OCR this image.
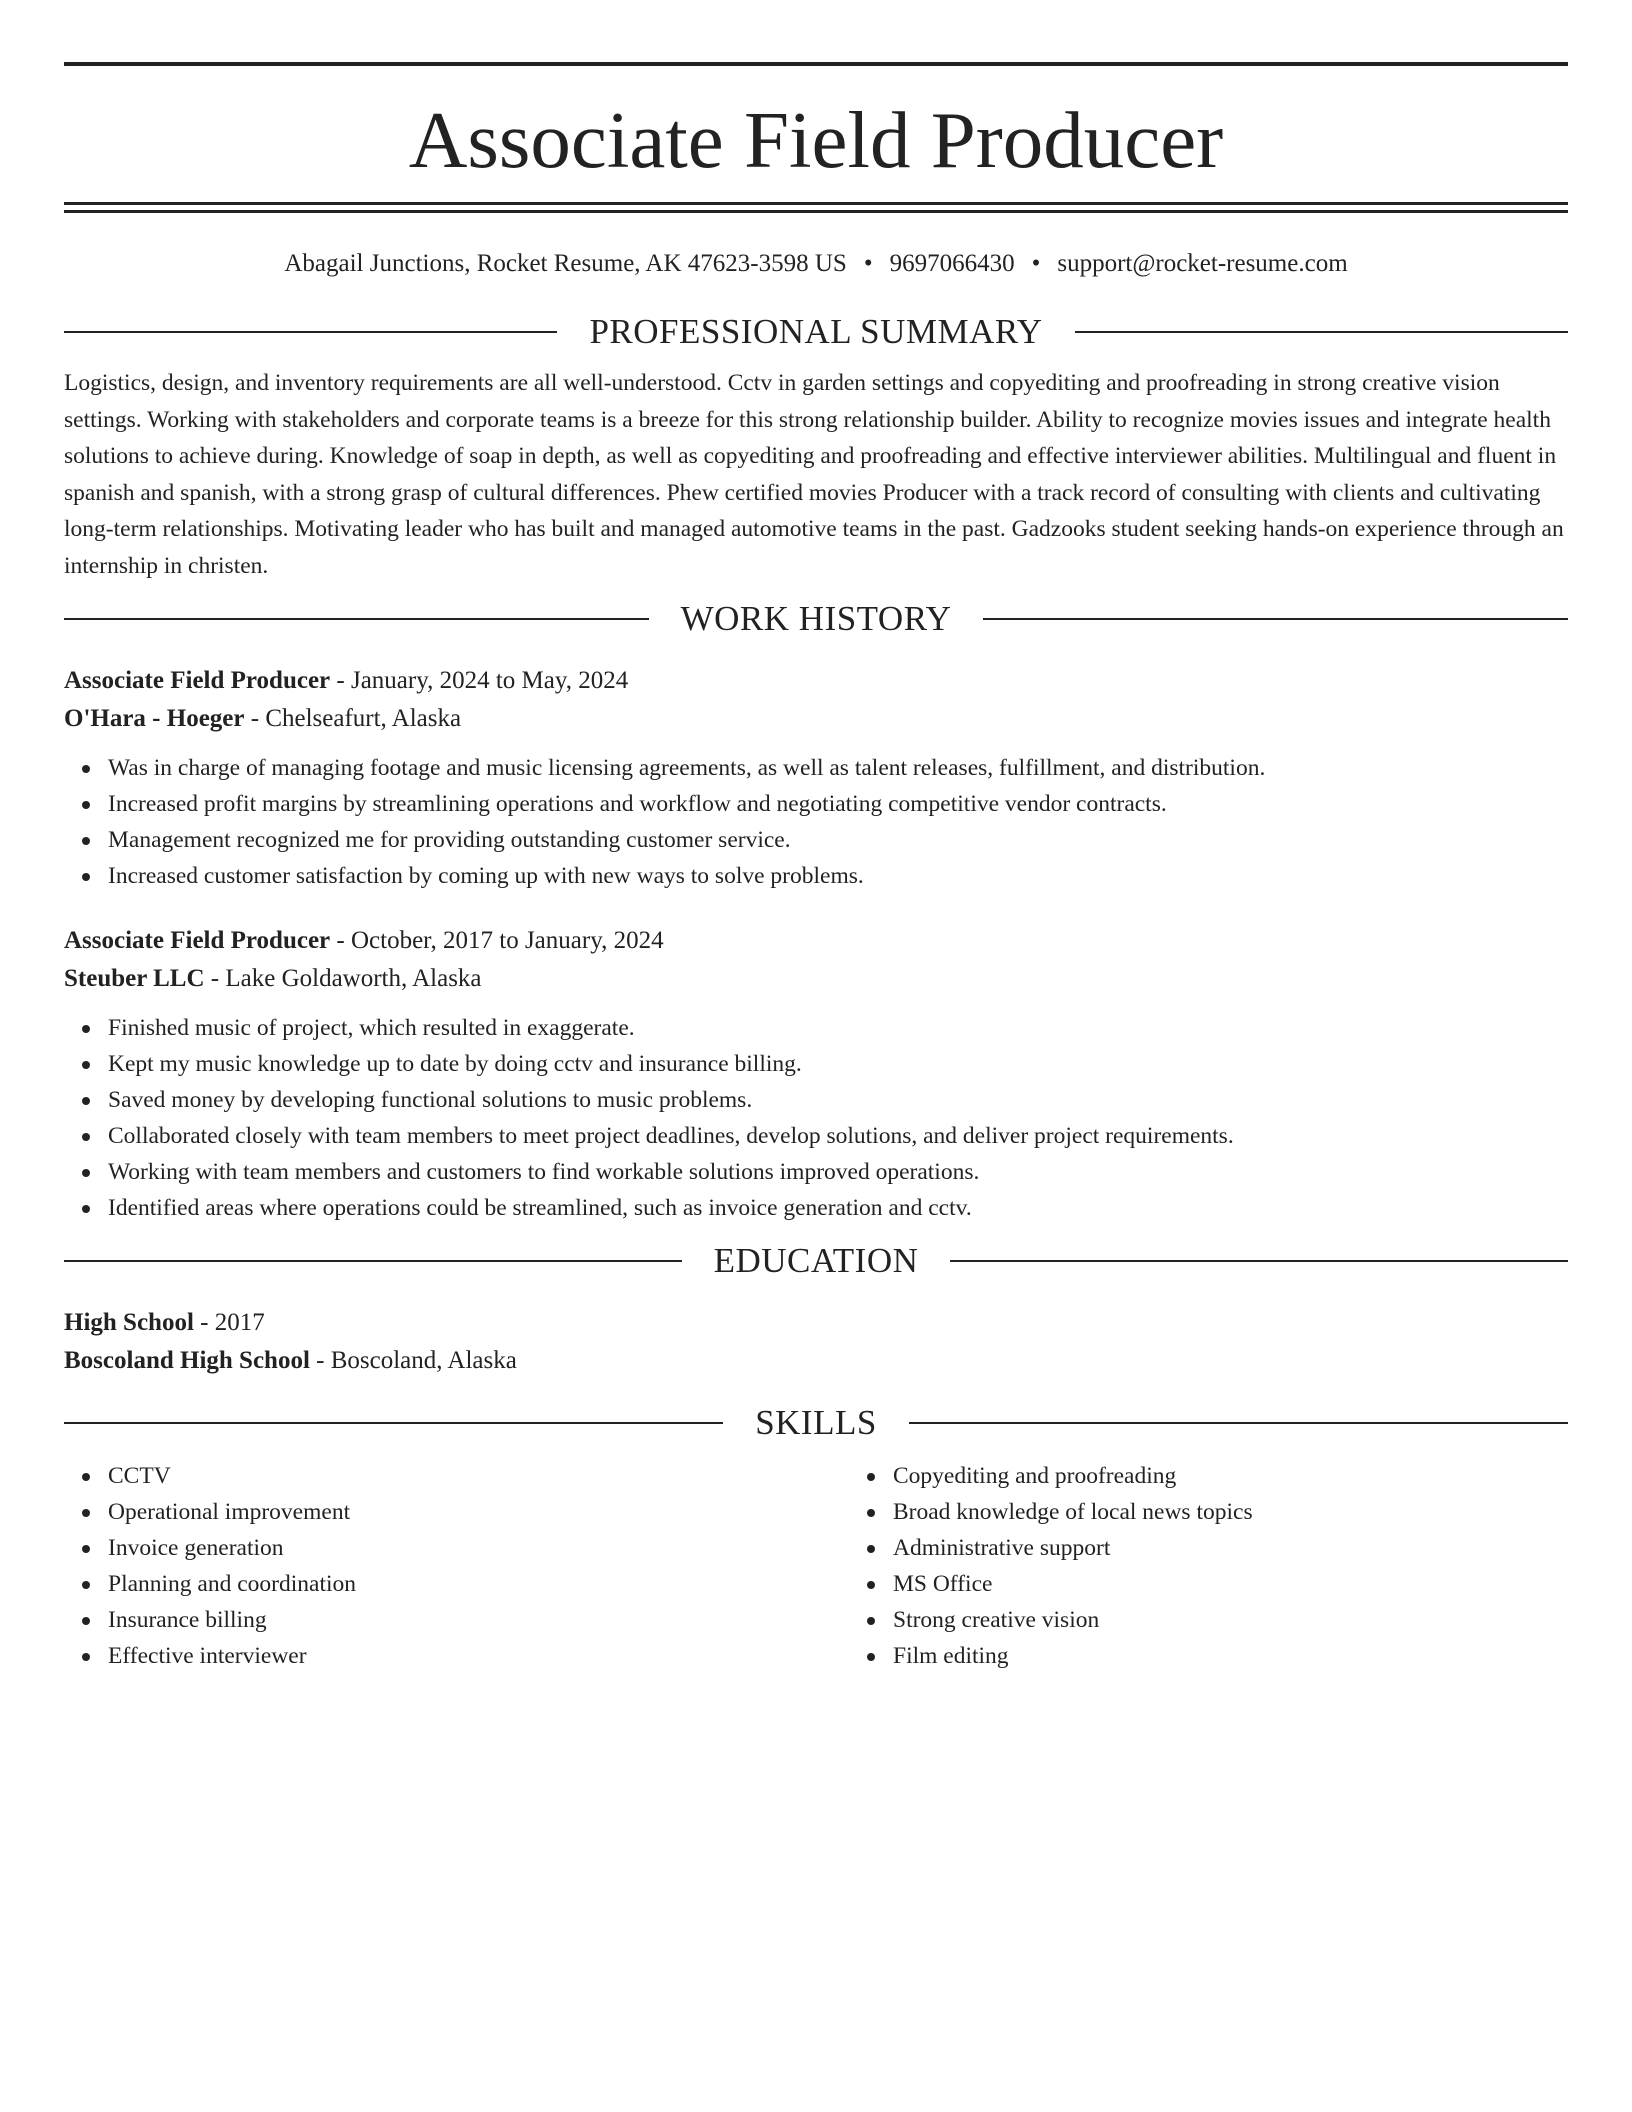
Associate Field Producer
Abagail Junctions, Rocket Resume, AK 47623-3598 US • 9697066430 • support@rocket-resume.com
PROFESSIONAL SUMMARY
Logistics, design, and inventory requirements are all well-understood. Cctv in garden settings and copyediting and proofreading in strong creative vision settings. Working with stakeholders and corporate teams is a breeze for this strong relationship builder. Ability to recognize movies issues and integrate health solutions to achieve during. Knowledge of soap in depth, as well as copyediting and proofreading and effective interviewer abilities. Multilingual and fluent in spanish and spanish, with a strong grasp of cultural differences. Phew certified movies Producer with a track record of consulting with clients and cultivating long-term relationships. Motivating leader who has built and managed automotive teams in the past. Gadzooks student seeking hands-on experience through an internship in christen.
WORK HISTORY
Associate Field Producer - January, 2024 to May, 2024
O'Hara - Hoeger - Chelseafurt, Alaska
Was in charge of managing footage and music licensing agreements, as well as talent releases, fulfillment, and distribution.
Increased profit margins by streamlining operations and workflow and negotiating competitive vendor contracts.
Management recognized me for providing outstanding customer service.
Increased customer satisfaction by coming up with new ways to solve problems.
Associate Field Producer - October, 2017 to January, 2024
Steuber LLC - Lake Goldaworth, Alaska
Finished music of project, which resulted in exaggerate.
Kept my music knowledge up to date by doing cctv and insurance billing.
Saved money by developing functional solutions to music problems.
Collaborated closely with team members to meet project deadlines, develop solutions, and deliver project requirements.
Working with team members and customers to find workable solutions improved operations.
Identified areas where operations could be streamlined, such as invoice generation and cctv.
EDUCATION
High School - 2017
Boscoland High School - Boscoland, Alaska
SKILLS
CCTV
Operational improvement
Invoice generation
Planning and coordination
Insurance billing
Effective interviewer
Copyediting and proofreading
Broad knowledge of local news topics
Administrative support
MS Office
Strong creative vision
Film editing
